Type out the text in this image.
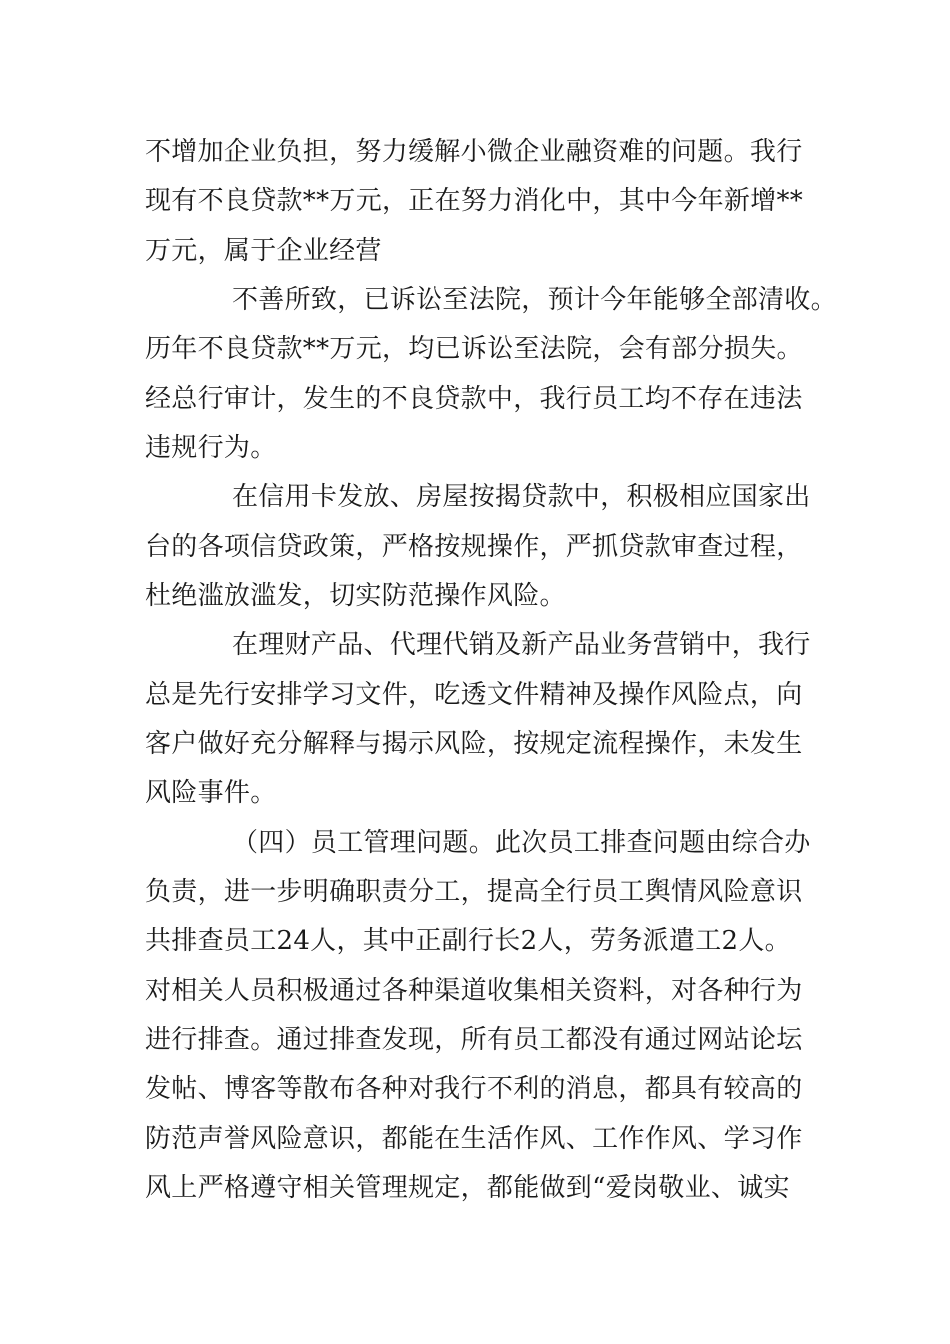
不增加企业负担，努力缓解小微企业融资难的问题。我行
现有不良贷款**万元，正在努力消化中，其中今年新增**
万元，属于企业经营
不善所致，已诉讼至法院，预计今年能够全部清收。
历年不良贷款**万元，均已诉讼至法院，会有部分损失。
经总行审计，发生的不良贷款中，我行员工均不存在违法
违规行为。
在信用卡发放、房屋按揭贷款中，积极相应国家出
台的各项信贷政策，严格按规操作，严抓贷款审查过程，
杜绝滥放滥发，切实防范操作风险。
在理财产品、代理代销及新产品业务营销中，我行
总是先行安排学习文件，吃透文件精神及操作风险点，向
客户做好充分解释与揭示风险，按规定流程操作，未发生
风险事件。
（四）员工管理问题。此次员工排查问题由综合办
负责，进一步明确职责分工，提高全行员工舆情风险意识
共排查员工24人，其中正副行长2人，劳务派遣工2人。
对相关人员积极通过各种渠道收集相关资料，对各种行为
进行排查。通过排查发现，所有员工都没有通过网站论坛
发帖、博客等散布各种对我行不利的消息，都具有较高的
防范声誉风险意识，都能在生活作风、工作作风、学习作
风上严格遵守相关管理规定，都能做到“爱岗敬业、诚实
